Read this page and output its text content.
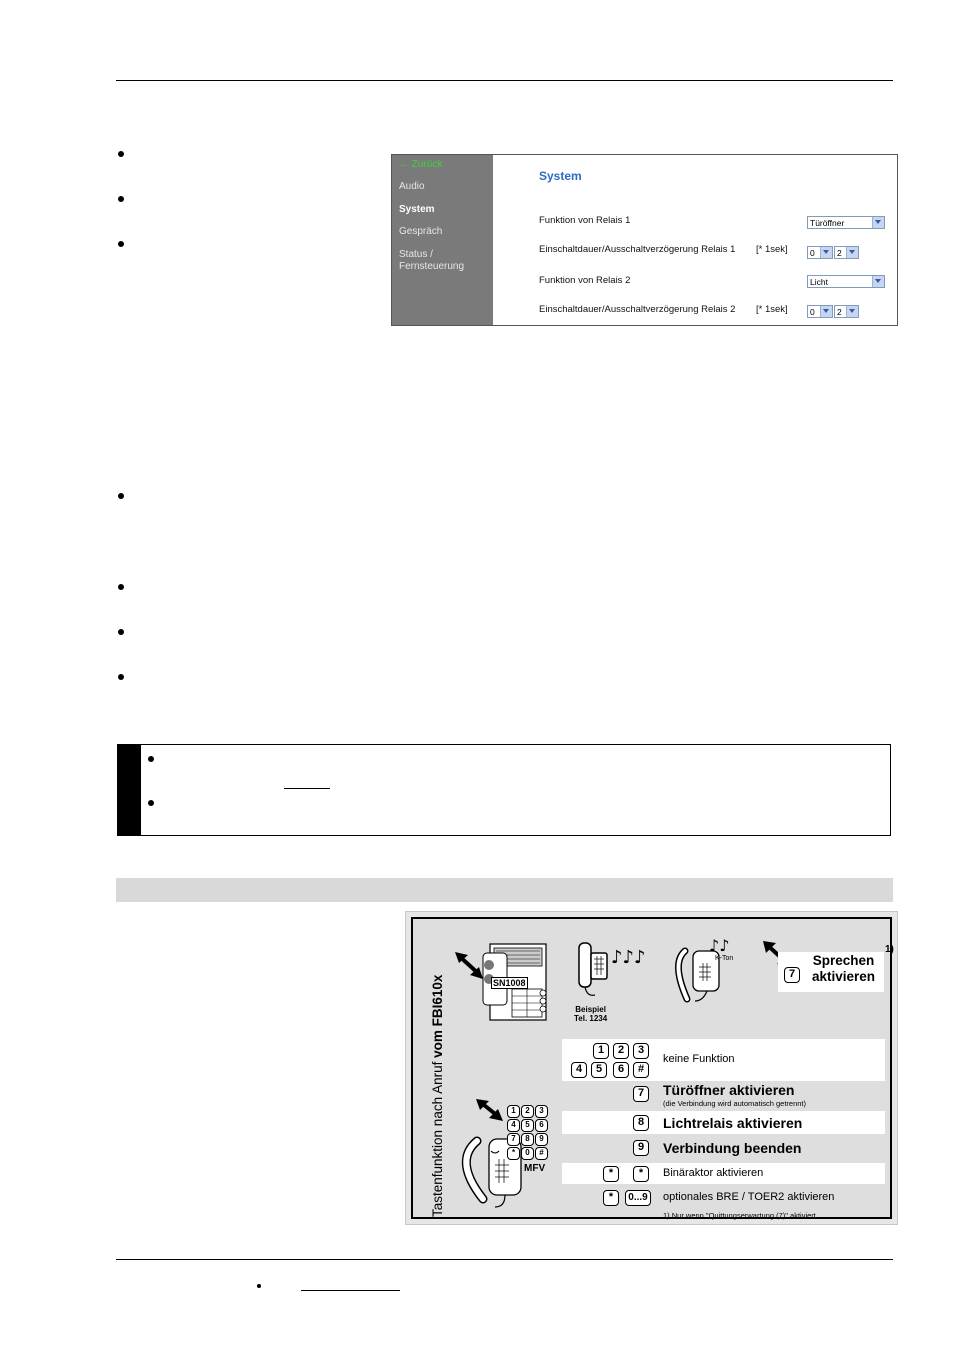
← Zurück
Audio
System
Gespräch
Status /
Fernsteuerung
System
Funktion von Relais 1	Türöffner
Einschaltdauer/Ausschaltverzögerung Relais 1 [* 1sek]	0	2
Funktion von Relais 2	Licht
Einschaltdauer/Ausschaltverzögerung Relais 2 [* 1sek]	0	2
Tastenfunktion nach Anruf vom FBI610x	SN1008
♪♪♪
Beispiel
Tel. 1234
♪♪
K-Ton
7
Sprechen
aktivieren
1)
1	2	3
4	5	6	#
keine Funktion
7	Türöffner aktivieren
(die Verbindung wird automatisch getrennt)
8	Lichtrelais aktivieren
9	Verbindung beenden
*	*	Binäraktor aktivieren
*	0...9 optionales BRE / TOER2 aktivieren
1) Nur wenn "Quittungserwartung (7)" aktiviert
1	2	3
4	5	6
7	8	9
*	0	#
MFV
